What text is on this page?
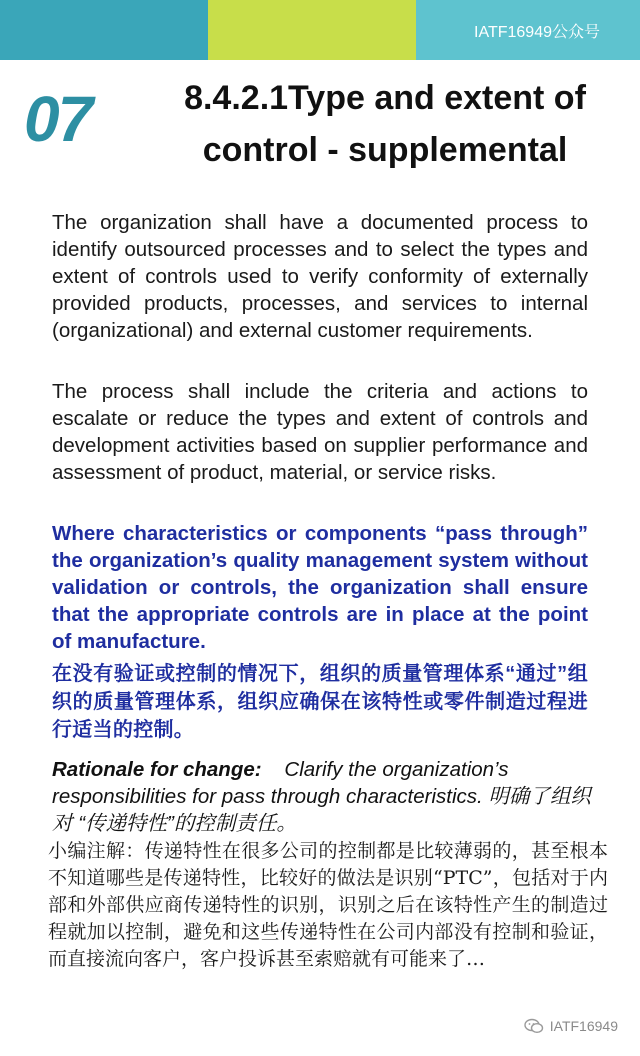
IATF16949公众号
07	8.4.2.1Type and extent of
control - supplemental
The organization shall have a documented process to identify outsourced processes and to select the types and extent of controls used to verify conformity of externally provided products, processes, and services to internal (organizational) and external customer requirements.
The process shall include the criteria and actions to escalate or reduce the types and extent of controls and development activities based on supplier performance and assessment of product, material, or service risks.
Where characteristics or components “pass through” the organization’s quality management system without validation or controls, the organization shall ensure that the appropriate controls are in place at the point of manufacture.
在没有验证或控制的情况下，组织的质量管理体系“通过”组织的质量管理体系，组织应确保在该特性或零件制造过程进行适当的控制。
Rationale for change: Clarify the organization’s responsibilities for pass through characteristics. 明确了组织对 “传递特性”的控制责任。
小编注解：传递特性在很多公司的控制都是比较薄弱的，甚至根本不知道哪些是传递特性，比较好的做法是识别“PTC”，包括对于内部和外部供应商传递特性的识别，识别之后在该特性产生的制造过程就加以控制，避免和这些传递特性在公司内部没有控制和验证，而直接流向客户，客户投诉甚至索赔就有可能来了…
IATF16949
